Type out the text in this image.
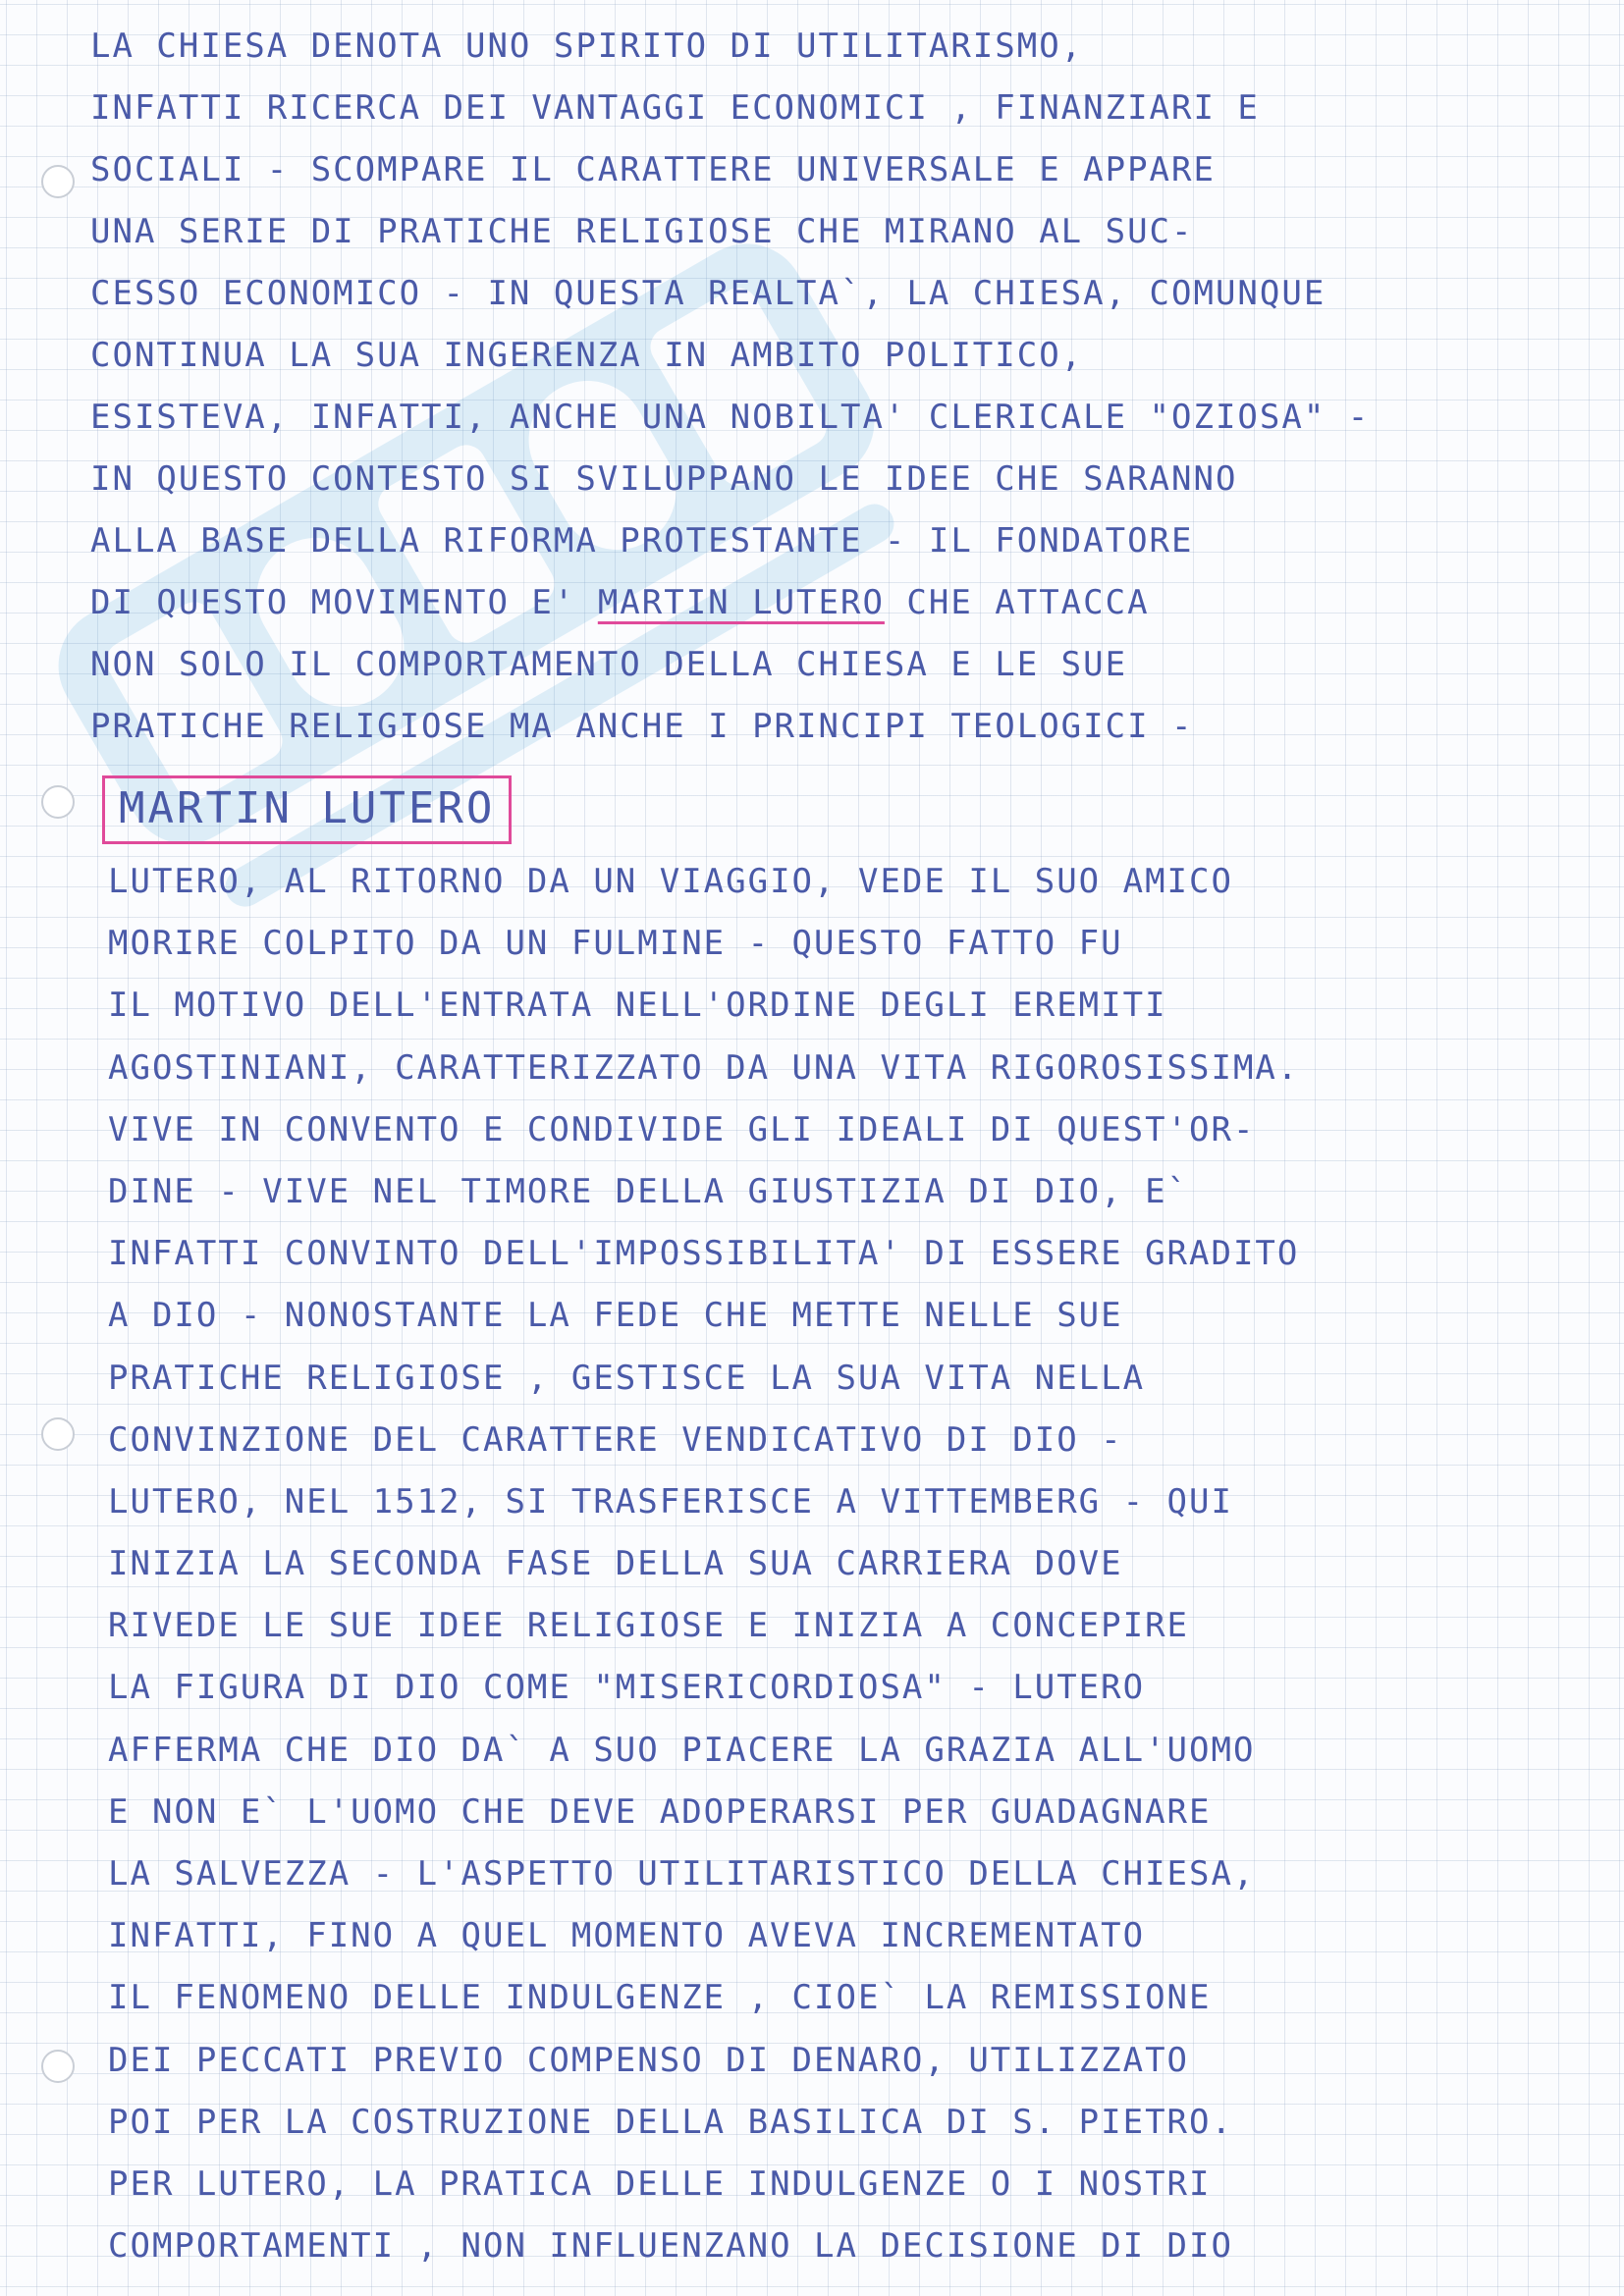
LA CHIESA DENOTA UNO SPIRITO DI UTILITARISMO,
INFATTI RICERCA DEI VANTAGGI ECONOMICI , FINANZIARI E
SOCIALI - SCOMPARE IL CARATTERE UNIVERSALE E APPARE
UNA SERIE DI PRATICHE RELIGIOSE CHE MIRANO AL SUC-
CESSO ECONOMICO - IN QUESTA REALTA`, LA CHIESA, COMUNQUE
CONTINUA LA SUA INGERENZA IN AMBITO POLITICO,
ESISTEVA, INFATTI, ANCHE UNA NOBILTA' CLERICALE "OZIOSA" -
IN QUESTO CONTESTO SI SVILUPPANO LE IDEE CHE SARANNO
ALLA BASE DELLA RIFORMA PROTESTANTE - IL FONDATORE
DI QUESTO MOVIMENTO E' MARTIN LUTERO CHE ATTACCA
NON SOLO IL COMPORTAMENTO DELLA CHIESA E LE SUE
PRATICHE RELIGIOSE MA ANCHE I PRINCIPI TEOLOGICI -
MARTIN LUTERO
LUTERO, AL RITORNO DA UN VIAGGIO, VEDE IL SUO AMICO
MORIRE COLPITO DA UN FULMINE - QUESTO FATTO FU
IL MOTIVO DELL'ENTRATA NELL'ORDINE DEGLI EREMITI
AGOSTINIANI, CARATTERIZZATO DA UNA VITA RIGOROSISSIMA.
VIVE IN CONVENTO E CONDIVIDE GLI IDEALI DI QUEST'OR-
DINE - VIVE NEL TIMORE DELLA GIUSTIZIA DI DIO, E`
INFATTI CONVINTO DELL'IMPOSSIBILITA' DI ESSERE GRADITO
A DIO - NONOSTANTE LA FEDE CHE METTE NELLE SUE
PRATICHE RELIGIOSE , GESTISCE LA SUA VITA NELLA
CONVINZIONE DEL CARATTERE VENDICATIVO DI DIO -
LUTERO, NEL 1512, SI TRASFERISCE A VITTEMBERG - QUI
INIZIA LA SECONDA FASE DELLA SUA CARRIERA DOVE
RIVEDE LE SUE IDEE RELIGIOSE E INIZIA A CONCEPIRE
LA FIGURA DI DIO COME "MISERICORDIOSA" - LUTERO
AFFERMA CHE DIO DA` A SUO PIACERE LA GRAZIA ALL'UOMO
E NON E` L'UOMO CHE DEVE ADOPERARSI PER GUADAGNARE
LA SALVEZZA - L'ASPETTO UTILITARISTICO DELLA CHIESA,
INFATTI, FINO A QUEL MOMENTO AVEVA INCREMENTATO
IL FENOMENO DELLE INDULGENZE , CIOE` LA REMISSIONE
DEI PECCATI PREVIO COMPENSO DI DENARO, UTILIZZATO
POI PER LA COSTRUZIONE DELLA BASILICA DI S. PIETRO.
PER LUTERO, LA PRATICA DELLE INDULGENZE O I NOSTRI
COMPORTAMENTI , NON INFLUENZANO LA DECISIONE DI DIO
